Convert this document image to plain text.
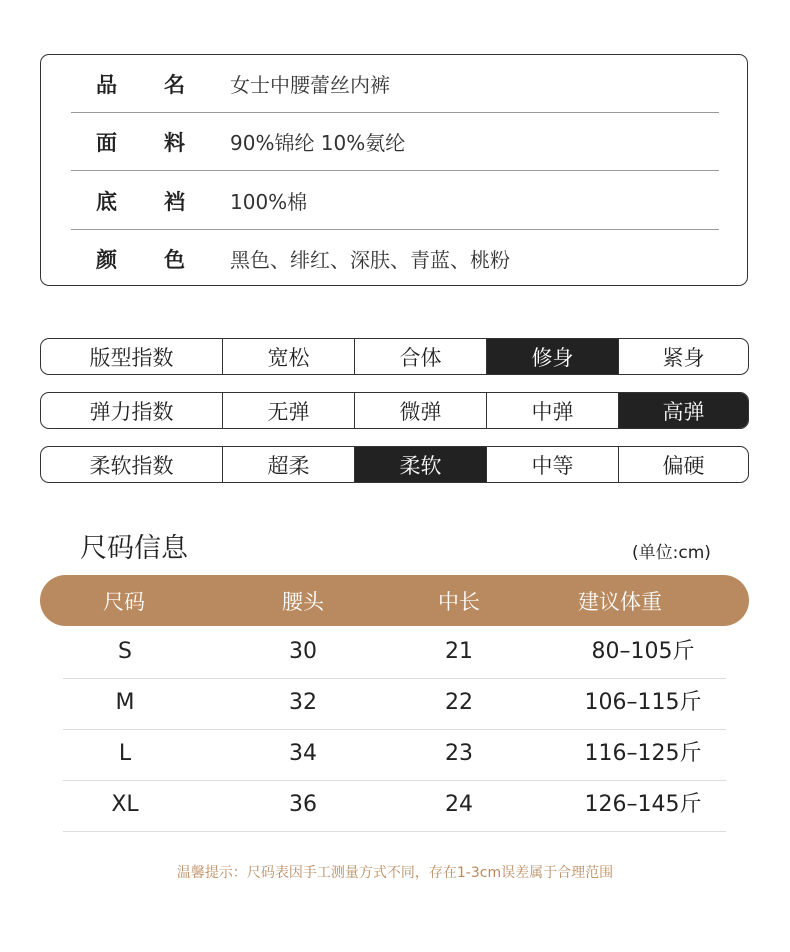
品 名 女士中腰蕾丝内裤
面 料 90%锦纶 10%氨纶
底 裆 100%棉
颜 色 黑色、绯红、深肤、青蓝、桃粉
版型指数	宽松	合体	修身	紧身
弹力指数	无弹	微弹	中弹	高弹
柔软指数	超柔	柔软	中等	偏硬
尺码信息	(单位:cm)
尺码	腰头	中长	建议体重
S	30	21	80–105斤
M	32	22	106–115斤
L	34	23	116–125斤
XL	36	24	126–145斤
温馨提示：尺码表因手工测量方式不同，存在1-3cm误差属于合理范围
